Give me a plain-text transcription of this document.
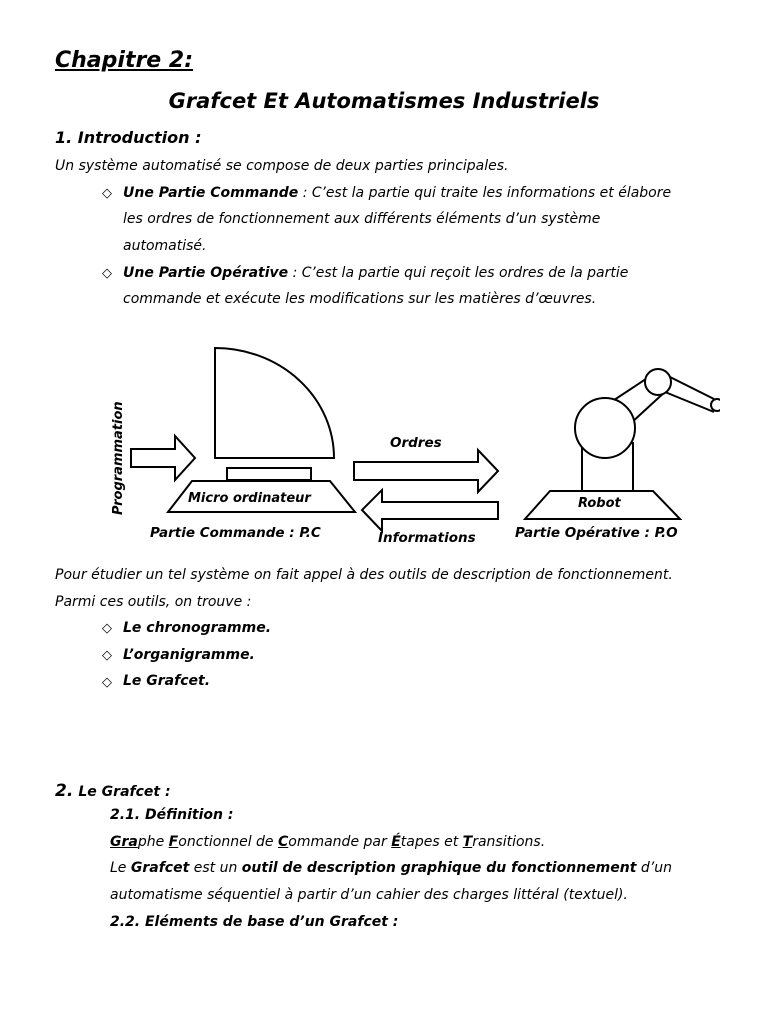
Chapitre 2:
Grafcet Et Automatismes Industriels
1. Introduction :
Un système automatisé se compose de deux parties principales.
◇ Une Partie Commande : C’est la partie qui traite les informations et élabore
les ordres de fonctionnement aux différents éléments d’un système
automatisé.
◇ Une Partie Opérative : C’est la partie qui reçoit les ordres de la partie
commande et exécute les modifications sur les matières d’œuvres.
Programmation	Micro ordinateur
Partie Commande : P.C
Ordres
Informations
Robot
Partie Opérative : P.O
Pour étudier un tel système on fait appel à des outils de description de fonctionnement.
Parmi ces outils, on trouve :
◇ Le chronogramme.
◇ L’organigramme.
◇ Le Grafcet.
2. Le Grafcet :
2.1. Définition :
Graphe Fonctionnel de Commande par Étapes et Transitions.
Le Grafcet est un outil de description graphique du fonctionnement d’un
automatisme séquentiel à partir d’un cahier des charges littéral (textuel).
2.2. Eléments de base d’un Grafcet :
